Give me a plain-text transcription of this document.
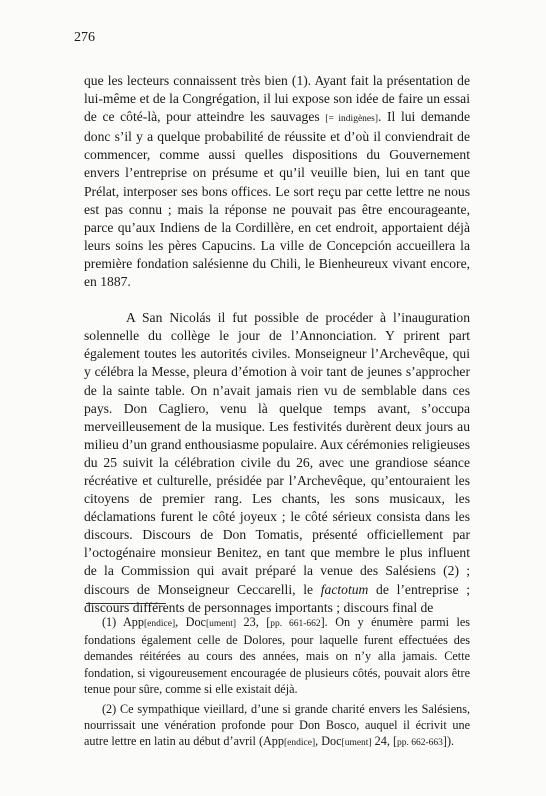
276

que les lecteurs connaissent très bien (1). Ayant fait la présentation de lui-même et de la Congrégation, il lui expose son idée de faire un essai de ce côté-là, pour atteindre les sauvages [= indigènes]. Il lui demande donc s’il y a quelque probabilité de réussite et d’où il conviendrait de commencer, comme aussi quelles dispositions du Gouvernement envers l’entreprise on présume et qu’il veuille bien, lui en tant que Prélat, interposer ses bons offices. Le sort reçu par cette lettre ne nous est pas connu ; mais la réponse ne pouvait pas être encourageante, parce qu’aux Indiens de la Cordillère, en cet endroit, apportaient déjà leurs soins les pères Capucins. La ville de Concepción accueillera la première fondation salésienne du Chili, le Bienheureux vivant encore, en 1887.

A San Nicolás il fut possible de procéder à l’inauguration solennelle du collège le jour de l’Annonciation. Y prirent part également toutes les autorités civiles. Monseigneur l’Archevêque, qui y célébra la Messe, pleura d’émotion à voir tant de jeunes s’approcher de la sainte table. On n’avait jamais rien vu de semblable dans ces pays. Don Cagliero, venu là quelque temps avant, s’occupa merveilleusement de la musique. Les festivités durèrent deux jours au milieu d’un grand enthousiasme populaire. Aux cérémonies religieuses du 25 suivit la célébration civile du 26, avec une grandiose séance récréative et culturelle, présidée par l’Archevêque, qu’entouraient les citoyens de premier rang. Les chants, les sons musicaux, les déclamations furent le côté joyeux ; le côté sérieux consista dans les discours. Discours de Don Tomatis, présenté officiellement par l’octogénaire monsieur Benitez, en tant que membre le plus influent de la Commission qui avait préparé la venue des Salésiens (2) ; discours de Monseigneur Ceccarelli, le factotum de l’entreprise ; discours différents de personnages importants ; discours final de

(1) App[endice], Doc[ument] 23, [pp. 661-662]. On y énumère parmi les fondations également celle de Dolores, pour laquelle furent effectuées des demandes réitérées au cours des années, mais on n’y alla jamais. Cette fondation, si vigoureusement encouragée de plusieurs côtés, pouvait alors être tenue pour sûre, comme si elle existait déjà.

(2) Ce sympathique vieillard, d’une si grande charité envers les Salésiens, nourrissait une vénération profonde pour Don Bosco, auquel il écrivit une autre lettre en latin au début d’avril (App[endice], Doc[ument] 24, [pp. 662-663]).
